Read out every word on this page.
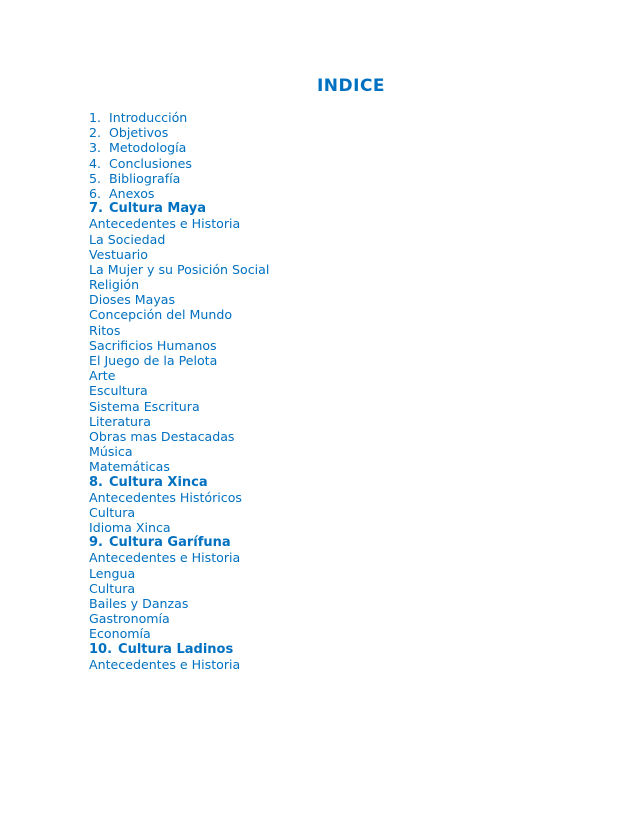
INDICE
1. Introducción
2. Objetivos
3. Metodología
4. Conclusiones
5. Bibliografía
6. Anexos
7. Cultura Maya
Antecedentes e Historia
La Sociedad
Vestuario
La Mujer y su Posición Social
Religión
Dioses Mayas
Concepción del Mundo
Ritos
Sacrificios Humanos
El Juego de la Pelota
Arte
Escultura
Sistema Escritura
Literatura
Obras mas Destacadas
Música
Matemáticas
8. Cultura Xinca
Antecedentes Históricos
Cultura
Idioma Xinca
9. Cultura Garífuna
Antecedentes e Historia
Lengua
Cultura
Bailes y Danzas
Gastronomía
Economía
10. Cultura Ladinos
Antecedentes e Historia
